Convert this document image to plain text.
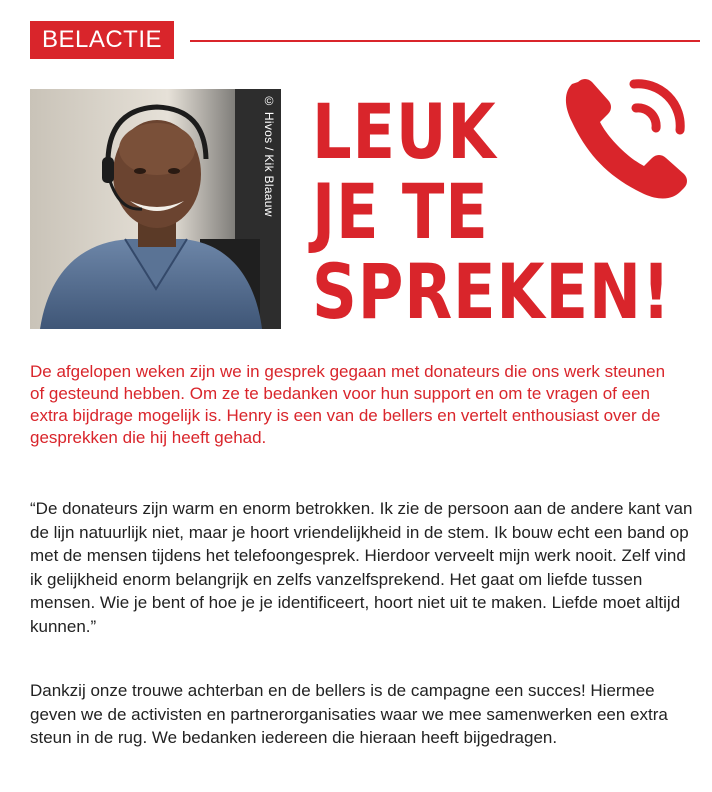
BELACTIE
© Hivos / Kik Blaauw LEUK
JE TE
SPREKEN!

De afgelopen weken zijn we in gesprek gegaan met donateurs die ons werk steunen of gesteund hebben. Om ze te bedanken voor hun support en om te vragen of een extra bijdrage mogelijk is. Henry is een van de bellers en vertelt enthousiast over de gesprekken die hij heeft gehad.

“De donateurs zijn warm en enorm betrokken. Ik zie de persoon aan de andere kant van de lijn natuurlijk niet, maar je hoort vriendelijkheid in de stem. Ik bouw echt een band op met de mensen tijdens het telefoongesprek. Hierdoor verveelt mijn werk nooit. Zelf vind ik gelijkheid enorm belangrijk en zelfs vanzelfsprekend. Het gaat om liefde tussen mensen. Wie je bent of hoe je je identificeert, hoort niet uit te maken. Liefde moet altijd kunnen.”

Dankzij onze trouwe achterban en de bellers is de campagne een succes! Hiermee geven we de activisten en partnerorganisaties waar we mee samenwerken een extra steun in de rug. We bedanken iedereen die hieraan heeft bijgedragen.
